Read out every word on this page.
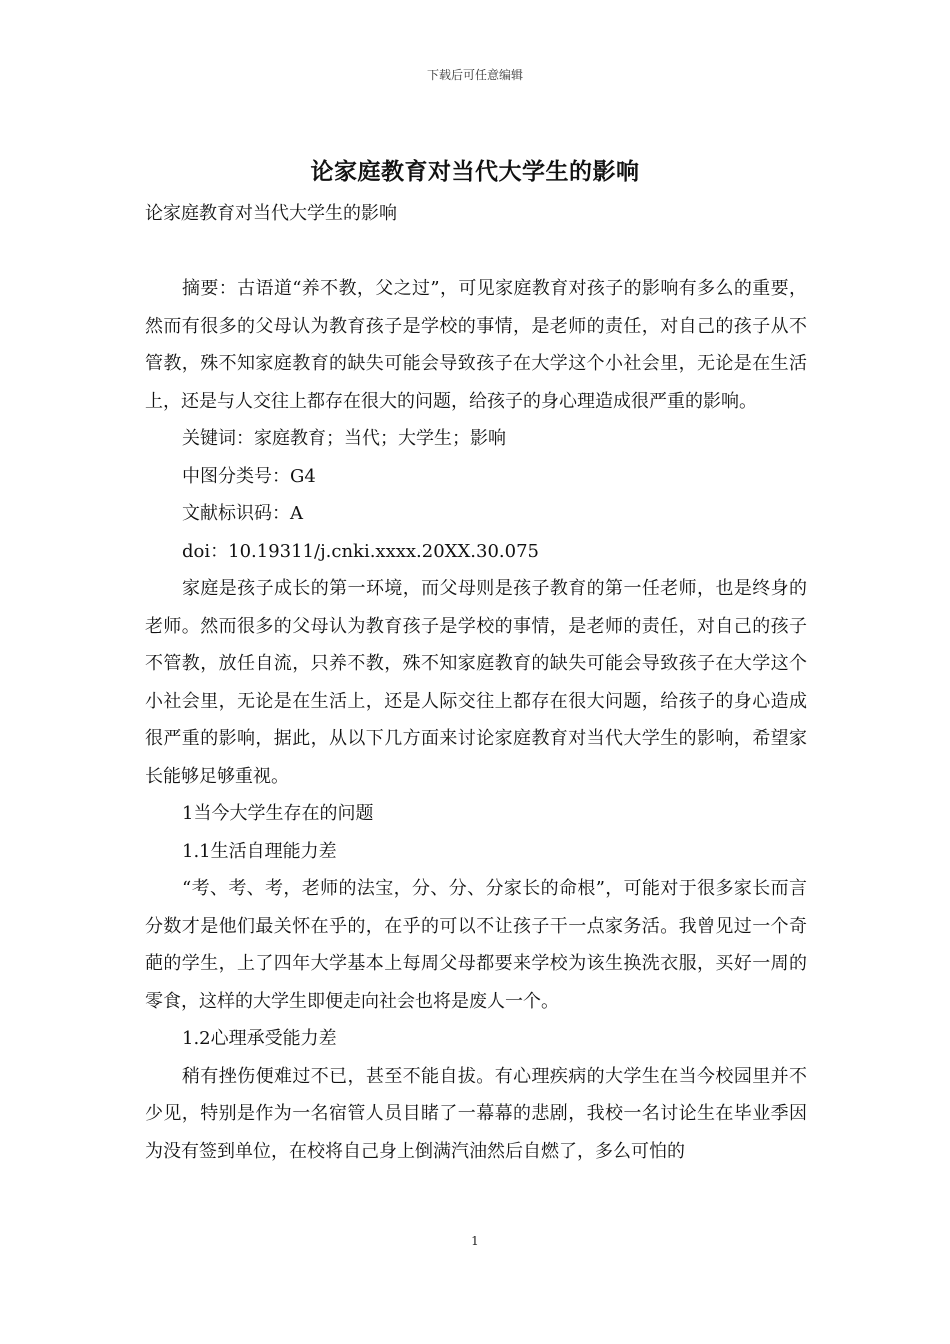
下载后可任意编辑
论家庭教育对当代大学生的影响
论家庭教育对当代大学生的影响

摘要：古语道“养不教，父之过”，可见家庭教育对孩子的影响有多么的重要，然而有很多的父母认为教育孩子是学校的事情，是老师的责任，对自己的孩子从不管教，殊不知家庭教育的缺失可能会导致孩子在大学这个小社会里，无论是在生活上，还是与人交往上都存在很大的问题，给孩子的身心理造成很严重的影响。

关键词：家庭教育；当代；大学生；影响

中图分类号：G4

文献标识码：A

doi：10.19311/j.cnki.xxxx.20XX.30.075

家庭是孩子成长的第一环境，而父母则是孩子教育的第一任老师，也是终身的老师。然而很多的父母认为教育孩子是学校的事情，是老师的责任，对自己的孩子不管教，放任自流，只养不教，殊不知家庭教育的缺失可能会导致孩子在大学这个小社会里，无论是在生活上，还是人际交往上都存在很大问题，给孩子的身心造成很严重的影响，据此，从以下几方面来讨论家庭教育对当代大学生的影响，希望家长能够足够重视。

1当今大学生存在的问题

1.1生活自理能力差

“考、考、考，老师的法宝，分、分、分家长的命根”，可能对于很多家长而言分数才是他们最关怀在乎的，在乎的可以不让孩子干一点家务活。我曾见过一个奇葩的学生，上了四年大学基本上每周父母都要来学校为该生换洗衣服，买好一周的零食，这样的大学生即便走向社会也将是废人一个。

1.2心理承受能力差

稍有挫伤便难过不已，甚至不能自拔。有心理疾病的大学生在当今校园里并不少见，特别是作为一名宿管人员目睹了一幕幕的悲剧，我校一名讨论生在毕业季因为没有签到单位，在校将自己身上倒满汽油然后自燃了，多么可怕的

1
